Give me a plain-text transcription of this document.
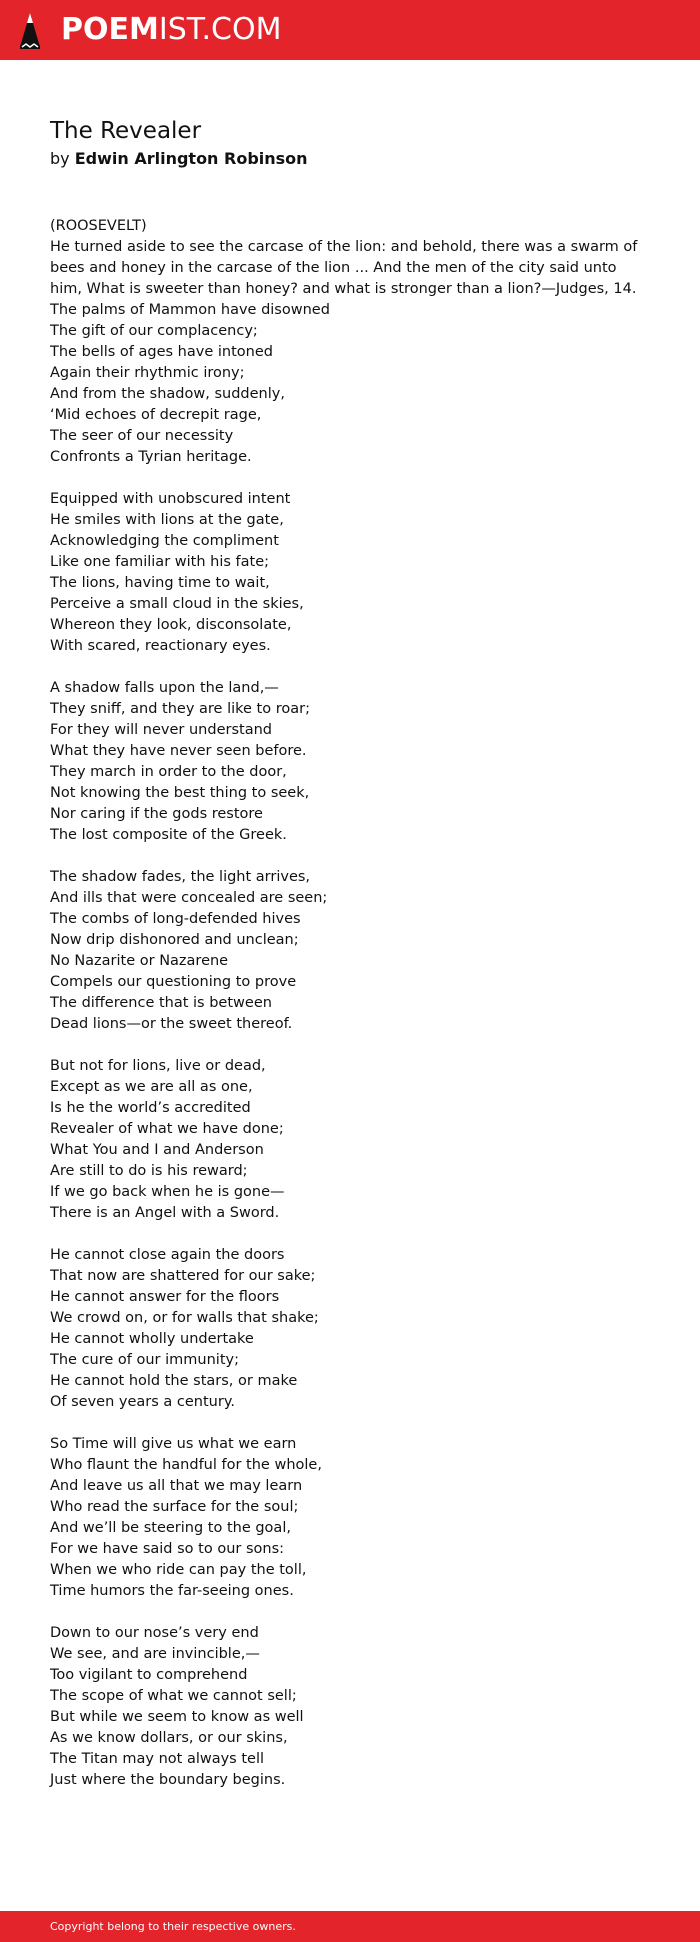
POEMIST.COM
The Revealer

by Edwin Arlington Robinson

(ROOSEVELT)

He turned aside to see the carcase of the lion: and behold, there was a swarm of bees and honey in the carcase of the lion ... And the men of the city said unto him, What is sweeter than honey? and what is stronger than a lion?—Judges, 14.

The palms of Mammon have disowned
The gift of our complacency;
The bells of ages have intoned
Again their rhythmic irony;
And from the shadow, suddenly,
‘Mid echoes of decrepit rage,
The seer of our necessity
Confronts a Tyrian heritage.
Equipped with unobscured intent
He smiles with lions at the gate,
Acknowledging the compliment
Like one familiar with his fate;
The lions, having time to wait,
Perceive a small cloud in the skies,
Whereon they look, disconsolate,
With scared, reactionary eyes.
A shadow falls upon the land,—
They sniff, and they are like to roar;
For they will never understand
What they have never seen before.
They march in order to the door,
Not knowing the best thing to seek,
Nor caring if the gods restore
The lost composite of the Greek.
The shadow fades, the light arrives,
And ills that were concealed are seen;
The combs of long-defended hives
Now drip dishonored and unclean;
No Nazarite or Nazarene
Compels our questioning to prove
The difference that is between
Dead lions—or the sweet thereof.
But not for lions, live or dead,
Except as we are all as one,
Is he the world’s accredited
Revealer of what we have done;
What You and I and Anderson
Are still to do is his reward;
If we go back when he is gone—
There is an Angel with a Sword.
He cannot close again the doors
That now are shattered for our sake;
He cannot answer for the floors
We crowd on, or for walls that shake;
He cannot wholly undertake
The cure of our immunity;
He cannot hold the stars, or make
Of seven years a century.
So Time will give us what we earn
Who flaunt the handful for the whole,
And leave us all that we may learn
Who read the surface for the soul;
And we’ll be steering to the goal,
For we have said so to our sons:
When we who ride can pay the toll,
Time humors the far-seeing ones.
Down to our nose’s very end
We see, and are invincible,—
Too vigilant to comprehend
The scope of what we cannot sell;
But while we seem to know as well
As we know dollars, or our skins,
The Titan may not always tell
Just where the boundary begins.
Copyright belong to their respective owners.
